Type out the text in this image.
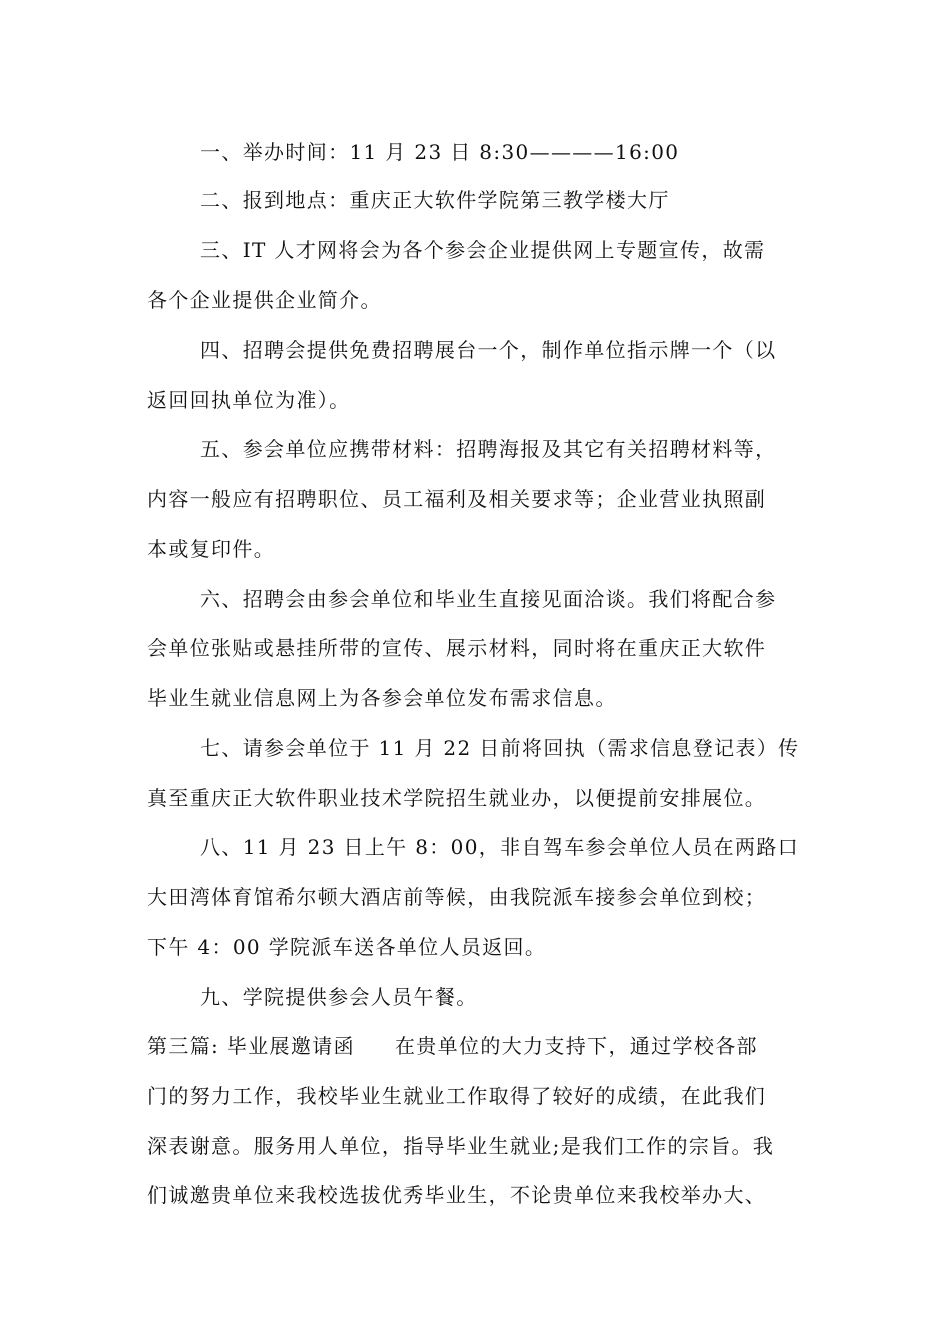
一、举办时间：11 月 23 日 8:30————16:00
二、报到地点：重庆正大软件学院第三教学楼大厅
三、IT 人才网将会为各个参会企业提供网上专题宣传，故需
各个企业提供企业简介。
四、招聘会提供免费招聘展台一个，制作单位指示牌一个（以
返回回执单位为准）。
五、参会单位应携带材料：招聘海报及其它有关招聘材料等，
内容一般应有招聘职位、员工福利及相关要求等；企业营业执照副
本或复印件。
六、招聘会由参会单位和毕业生直接见面洽谈。我们将配合参
会单位张贴或悬挂所带的宣传、展示材料，同时将在重庆正大软件
毕业生就业信息网上为各参会单位发布需求信息。
七、请参会单位于 11 月 22 日前将回执（需求信息登记表）传
真至重庆正大软件职业技术学院招生就业办，以便提前安排展位。
八、11 月 23 日上午 8：00，非自驾车参会单位人员在两路口
大田湾体育馆希尔顿大酒店前等候，由我院派车接参会单位到校；
下午 4：00 学院派车送各单位人员返回。
九、学院提供参会人员午餐。
第三篇: 毕业展邀请函 在贵单位的大力支持下，通过学校各部
门的努力工作，我校毕业生就业工作取得了较好的成绩，在此我们
深表谢意。服务用人单位，指导毕业生就业;是我们工作的宗旨。我
们诚邀贵单位来我校选拔优秀毕业生，不论贵单位来我校举办大、
